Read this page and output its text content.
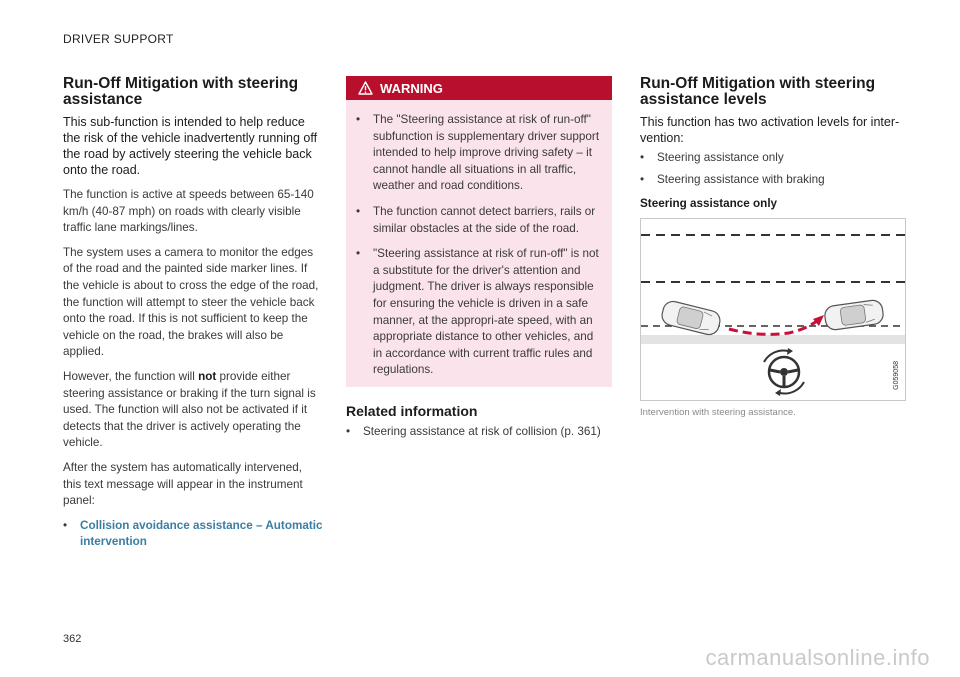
DRIVER SUPPORT
Run-Off Mitigation with steering assistance

This sub-function is intended to help reduce the risk of the vehicle inadvertently running off the road by actively steering the vehicle back onto the road.

The function is active at speeds between 65-140 km/h (40-87 mph) on roads with clearly visible traffic lane markings/lines.

The system uses a camera to monitor the edges of the road and the painted side marker lines. If the vehicle is about to cross the edge of the road, the function will attempt to steer the vehicle back onto the road. If this is not sufficient to keep the vehicle on the road, the brakes will also be applied.

However, the function will not provide either steering assistance or braking if the turn signal is used. The function will also not be activated if it detects that the driver is actively operating the vehicle.

After the system has automatically intervened, this text message will appear in the instrument panel:

• Collision avoidance assistance – Automatic intervention
WARNING
• The "Steering assistance at risk of run-off" subfunction is supplementary driver support intended to help improve driving safety – it cannot handle all situations in all traffic, weather and road conditions.
• The function cannot detect barriers, rails or similar obstacles at the side of the road.
• "Steering assistance at risk of run-off" is not a substitute for the driver's attention and judgment. The driver is always responsible for ensuring the vehicle is driven in a safe manner, at the appropri-ate speed, with an appropriate distance to other vehicles, and in accordance with current traffic rules and regulations.
Related information
• Steering assistance at risk of collision (p. 361)
Run-Off Mitigation with steering assistance levels

This function has two activation levels for inter-vention:

• Steering assistance only
• Steering assistance with braking
Steering assistance only
G059058
Intervention with steering assistance.
362
carmanualsonline.info
